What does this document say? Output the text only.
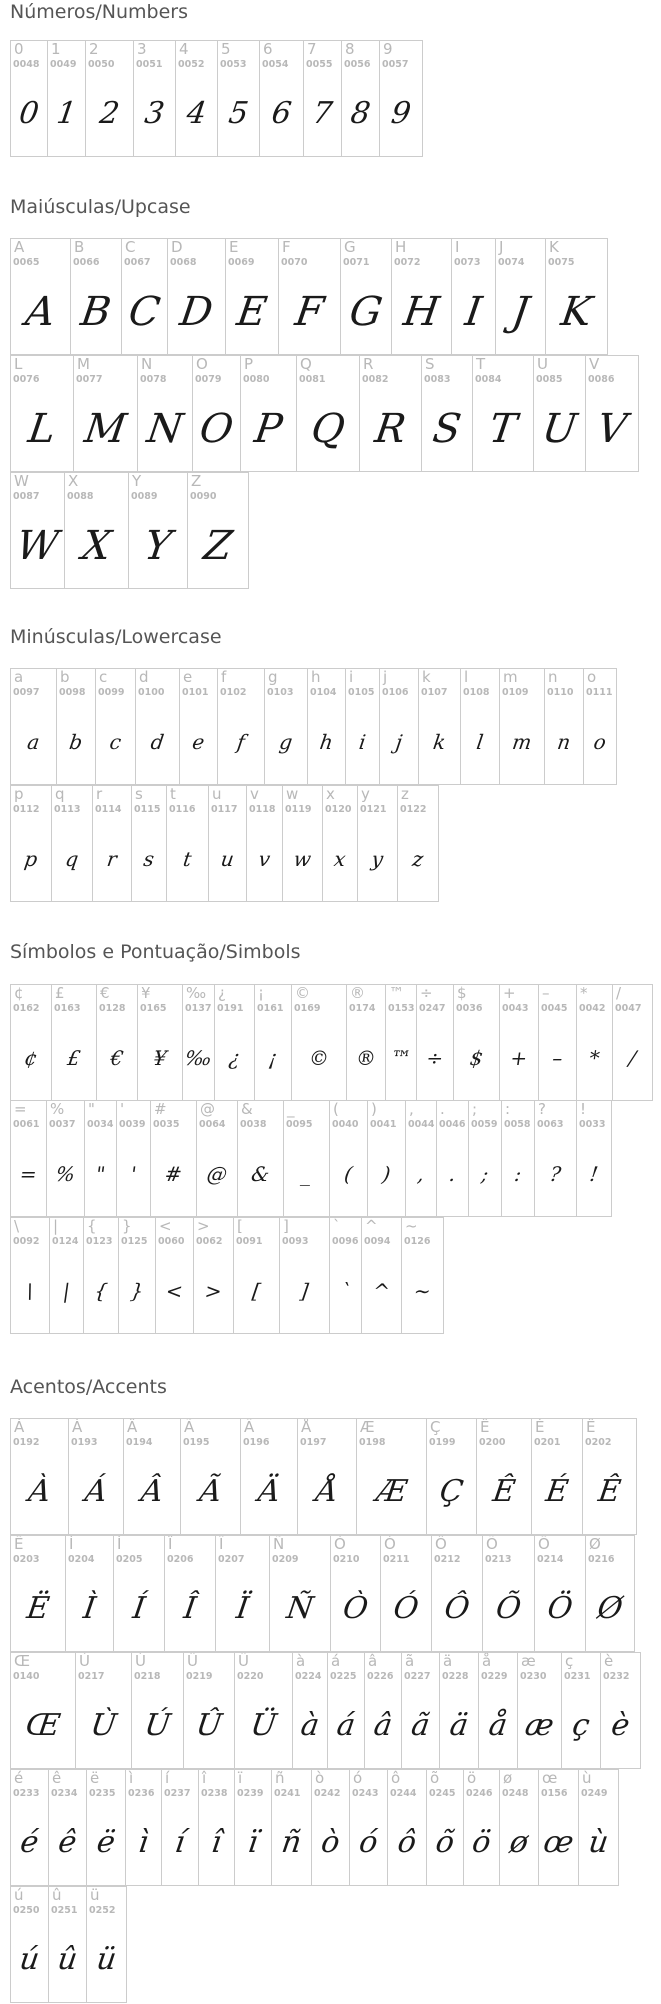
Números/Numbers
0
0048
0
1
0049
1
2
0050
2
3
0051
3
4
0052
4
5
0053
5
6
0054
6
7
0055
7
8
0056
8
9
0057
9
Maiúsculas/Upcase
A
0065
A
B
0066
B
C
0067
C
D
0068
D
E
0069
E
F
0070
F
G
0071
G
H
0072
H
I
0073
I
J
0074
J
K
0075
K
L
0076
L
M
0077
M
N
0078
N
O
0079
O
P
0080
P
Q
0081
Q
R
0082
R
S
0083
S
T
0084
T
U
0085
U
V
0086
V
W
0087
W
X
0088
X
Y
0089
Y
Z
0090
Z
Minúsculas/Lowercase
a
0097
a
b
0098
b
c
0099
c
d
0100
d
e
0101
e
f
0102
f
g
0103
g
h
0104
h
i
0105
i
j
0106
j
k
0107
k
l
0108
l
m
0109
m
n
0110
n
o
0111
o
p
0112
p
q
0113
q
r
0114
r
s
0115
s
t
0116
t
u
0117
u
v
0118
v
w
0119
w
x
0120
x
y
0121
y
z
0122
z
Símbolos e Pontuação/Simbols
¢
0162
¢
£
0163
£
€
0128
€
¥
0165
¥
‰
0137
‰
¿
0191
¿
¡
0161
¡
©
0169
©
®
0174
®
™
0153
™
÷
0247
÷
$
0036
$
+
0043
+
–
0045
–
*
0042
*
/
0047
/
=
0061
=
%
0037
%
"
0034
"
'
0039
'
#
0035
#
@
0064
@
&
0038
&
_
0095
_
(
0040
(
)
0041
)
,
0044
,
.
0046
.
;
0059
;
:
0058
:
?
0063
?
!
0033
!
\
0092
\
|
0124
|
{
0123
{
}
0125
}
<
0060
<
>
0062
>
[
0091
[
]
0093
]
`
0096
`
^
0094
^
~
0126
~
Acentos/Accents
À
0192
À
Á
0193
Á
Â
0194
Â
Ã
0195
Ã
Ä
0196
Ä
Å
0197
Å
Æ
0198
Æ
Ç
0199
Ç
Ê
0200
Ê
É
0201
É
Ê
0202
Ê
Ë
0203
Ë
Ì
0204
Ì
Í
0205
Í
Î
0206
Î
Ï
0207
Ï
Ñ
0209
Ñ
Ò
0210
Ò
Ó
0211
Ó
Ô
0212
Ô
Õ
0213
Õ
Ö
0214
Ö
Ø
0216
Ø
Œ
0140
Œ
Ù
0217
Ù
Ú
0218
Ú
Û
0219
Û
Ü
0220
Ü
à
0224
à
á
0225
á
â
0226
â
ã
0227
ã
ä
0228
ä
å
0229
å
æ
0230
æ
ç
0231
ç
è
0232
è
é
0233
é
ê
0234
ê
ë
0235
ë
ì
0236
ì
í
0237
í
î
0238
î
ï
0239
ï
ñ
0241
ñ
ò
0242
ò
ó
0243
ó
ô
0244
ô
õ
0245
õ
ö
0246
ö
ø
0248
ø
œ
0156
œ
ù
0249
ù
ú
0250
ú
û
0251
û
ü
0252
ü
